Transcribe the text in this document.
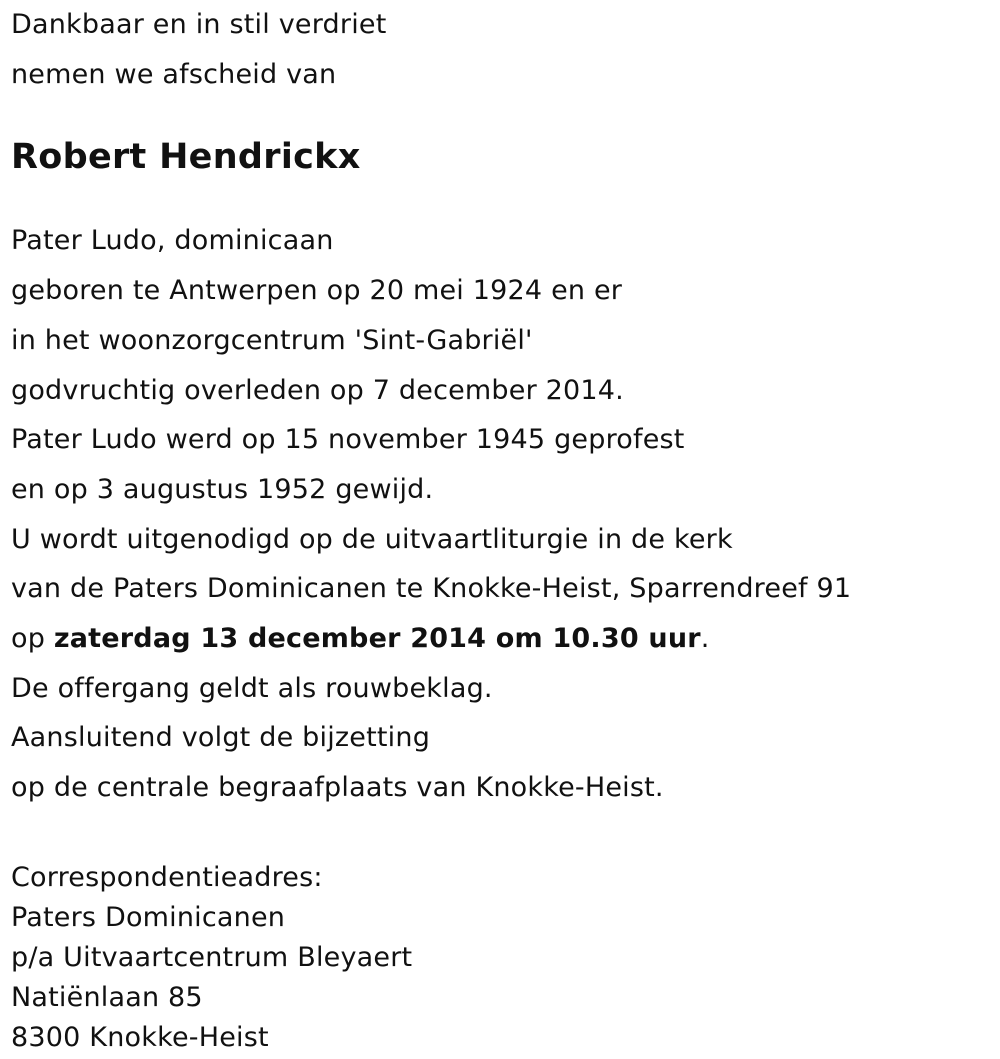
Dankbaar en in stil verdriet
nemen we afscheid van
Robert Hendrickx
Pater Ludo, dominicaan
geboren te Antwerpen op 20 mei 1924 en er
in het woonzorgcentrum 'Sint-Gabriël'
godvruchtig overleden op 7 december 2014.
Pater Ludo werd op 15 november 1945 geprofest
en op 3 augustus 1952 gewijd.
U wordt uitgenodigd op de uitvaartliturgie in de kerk
van de Paters Dominicanen te Knokke-Heist, Sparrendreef 91
op zaterdag 13 december 2014 om 10.30 uur.
De offergang geldt als rouwbeklag.
Aansluitend volgt de bijzetting
op de centrale begraafplaats van Knokke-Heist.
Correspondentieadres:
Paters Dominicanen
p/a Uitvaartcentrum Bleyaert
Natiënlaan 85
8300 Knokke-Heist
